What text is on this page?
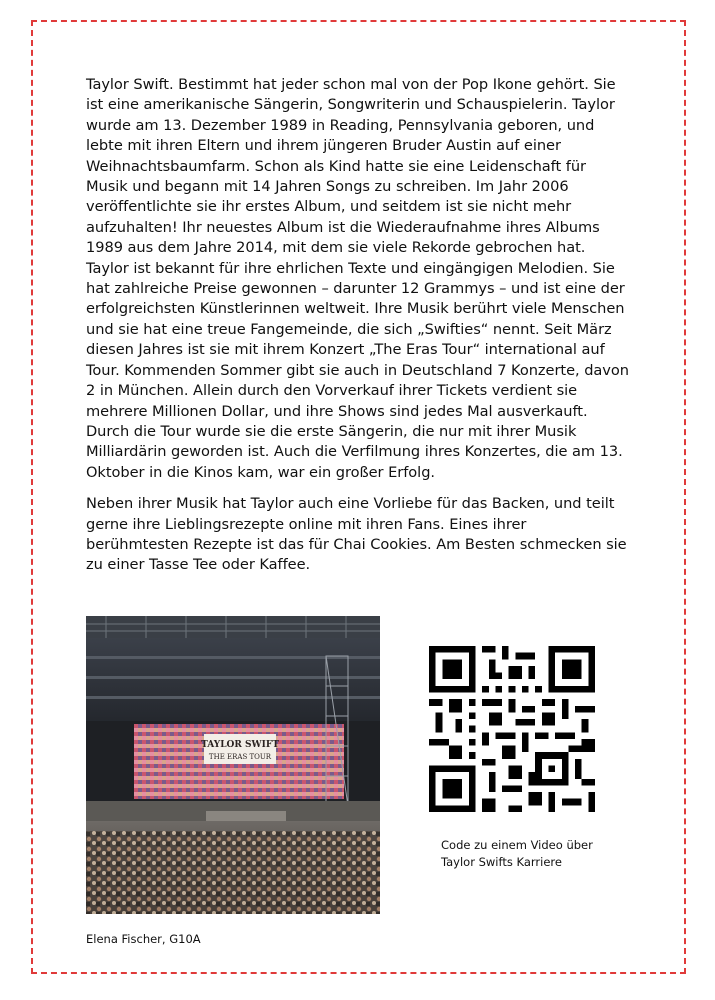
Taylor Swift. Bestimmt hat jeder schon mal von der Pop Ikone gehört. Sie ist eine amerikanische Sängerin, Songwriterin und Schauspielerin. Taylor wurde am 13. Dezember 1989 in Reading, Pennsylvania geboren, und lebte mit ihren Eltern und ihrem jüngeren Bruder Austin auf einer Weihnachtsbaumfarm. Schon als Kind hatte sie eine Leidenschaft für Musik und begann mit 14 Jahren Songs zu schreiben. Im Jahr 2006 veröffentlichte sie ihr erstes Album, und seitdem ist sie nicht mehr aufzuhalten! Ihr neuestes Album ist die Wiederaufnahme ihres Albums 1989 aus dem Jahre 2014, mit dem sie viele Rekorde gebrochen hat. Taylor ist bekannt für ihre ehrlichen Texte und eingängigen Melodien. Sie hat zahlreiche Preise gewonnen – darunter 12 Grammys – und ist eine der erfolgreichsten Künstlerinnen weltweit. Ihre Musik berührt viele Menschen und sie hat eine treue Fangemeinde, die sich „Swifties“ nennt. Seit März diesen Jahres ist sie mit ihrem Konzert „The Eras Tour“ international auf Tour. Kommenden Sommer gibt sie auch in Deutschland 7 Konzerte, davon 2 in München. Allein durch den Vorverkauf ihrer Tickets verdient sie mehrere Millionen Dollar, und ihre Shows sind jedes Mal ausverkauft. Durch die Tour wurde sie die erste Sängerin, die nur mit ihrer Musik Milliardärin geworden ist. Auch die Verfilmung ihres Konzertes, die am 13. Oktober in die Kinos kam, war ein großer Erfolg.

Neben ihrer Musik hat Taylor auch eine Vorliebe für das Backen, und teilt gerne ihre Lieblingsrezepte online mit ihren Fans. Eines ihrer berühmtesten Rezepte ist das für Chai Cookies. Am Besten schmecken sie zu einer Tasse Tee oder Kaffee.

TAYLOR SWIFT
THE ERAS TOUR
Code zu einem Video über
Taylor Swifts Karriere
Elena Fischer, G10A
